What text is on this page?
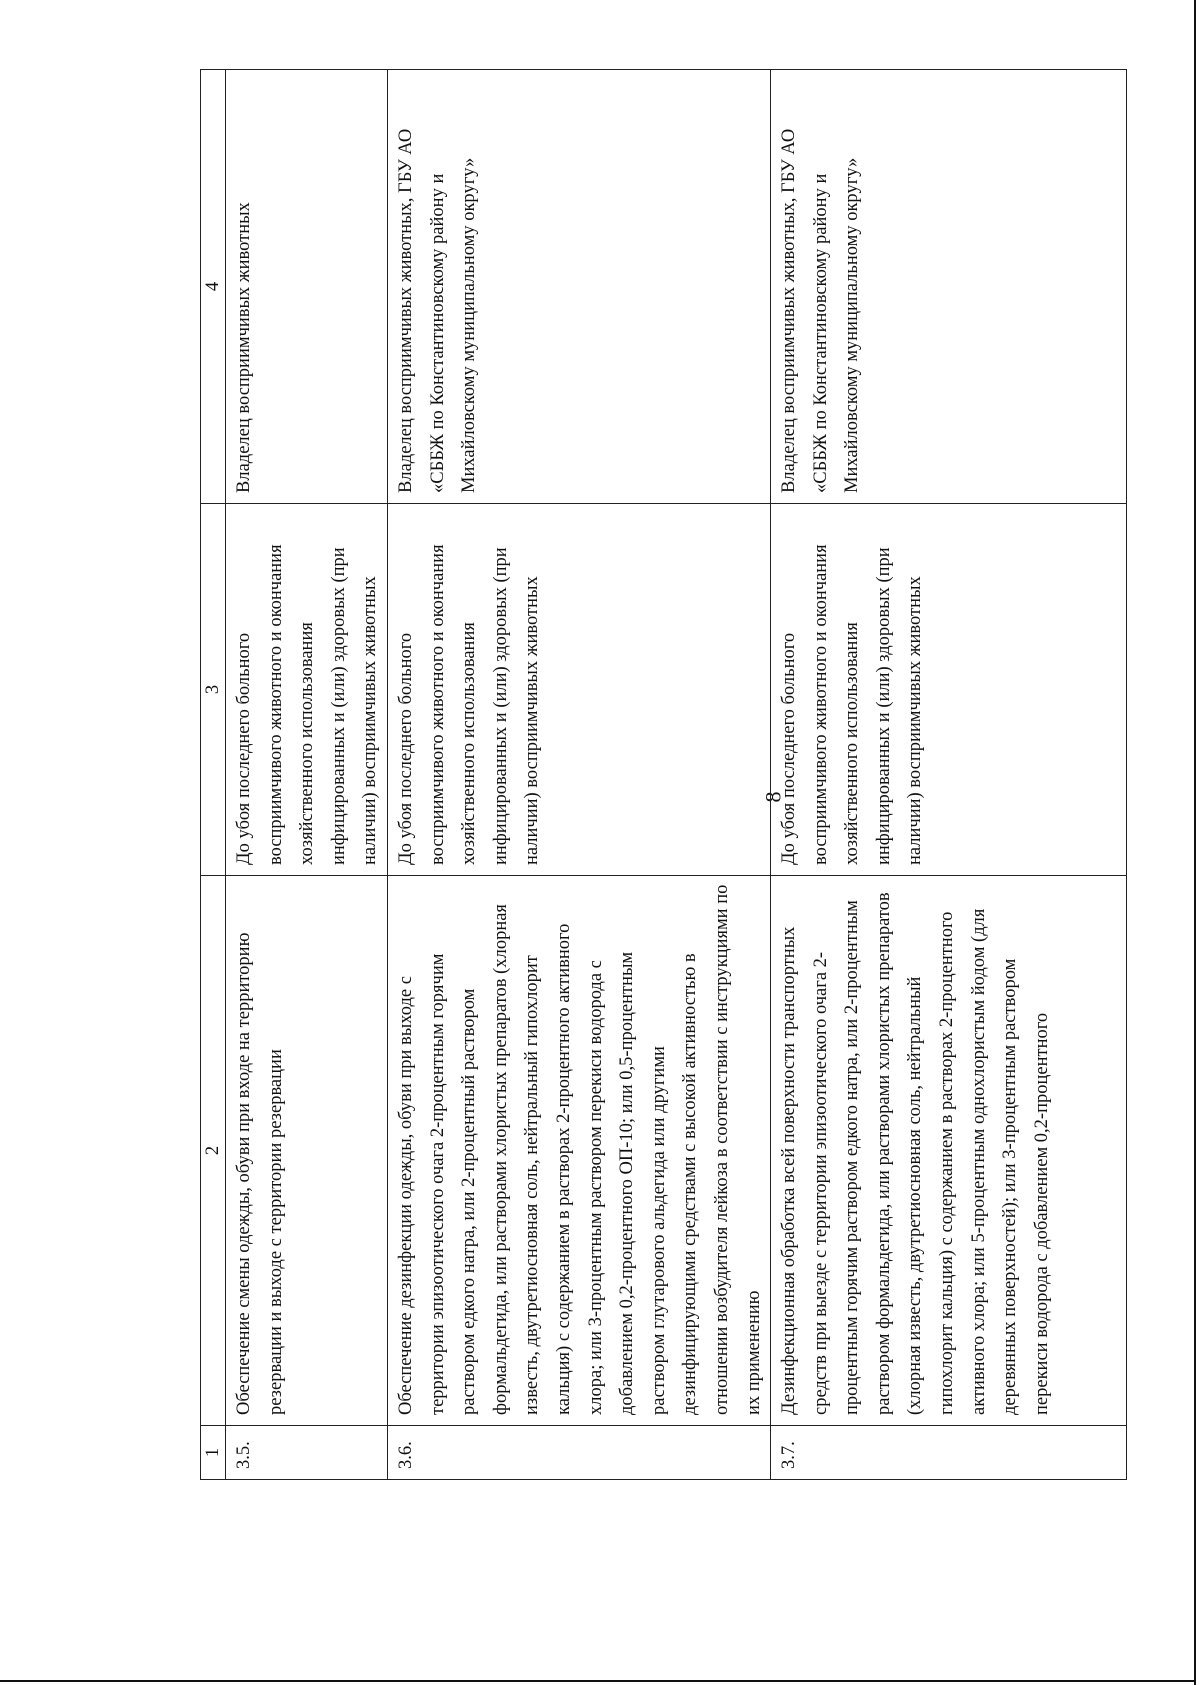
8
1	2	3	4
3.5.	Обеспечение смены одежды, обуви при входе на территорию резервации и выходе с территории резервации	До убоя последнего больного восприимчивого животного и окончания хозяйственного использования инфицированных и (или) здоровых (при наличии) восприимчивых животных	Владелец восприимчивых животных
3.6.	Обеспечение дезинфекции одежды, обуви при выходе с территории эпизоотического очага 2-процентным горячим раствором едкого натра, или 2-процентный раствором формальдегида, или растворами хлористых препаратов (хлорная известь, двутретиосновная соль, нейтральный гипохлорит кальция) с содержанием в растворах 2-процентного активного хлора; или 3-процентным раствором перекиси водорода с добавлением 0,2-процентного ОП-10; или 0,5-процентным раствором глутарового альдегида или другими дезинфицирующими средствами с высокой активностью в отношении возбудителя лейкоза в соответствии с инструкциями по их применению	До убоя последнего больного восприимчивого животного и окончания хозяйственного использования инфицированных и (или) здоровых (при наличии) восприимчивых животных	Владелец восприимчивых животных, ГБУ АО «СББЖ по Константиновскому району и Михайловскому муниципальному округу»
3.7.	Дезинфекционная обработка всей поверхности транспортных средств при выезде с территории эпизоотического очага 2-процентным горячим раствором едкого натра, или 2-процентным раствором формальдегида, или растворами хлористых препаратов (хлорная известь, двутретиосновная соль, нейтральный гипохлорит кальция) с содержанием в растворах 2-процентного активного хлора; или 5-процентным однохлористым йодом (для деревянных поверхностей); или 3-процентным раствором перекиси водорода с добавлением 0,2-процентного	До убоя последнего больного восприимчивого животного и окончания хозяйственного использования инфицированных и (или) здоровых (при наличии) восприимчивых животных	Владелец восприимчивых животных, ГБУ АО «СББЖ по Константиновскому району и Михайловскому муниципальному округу»
